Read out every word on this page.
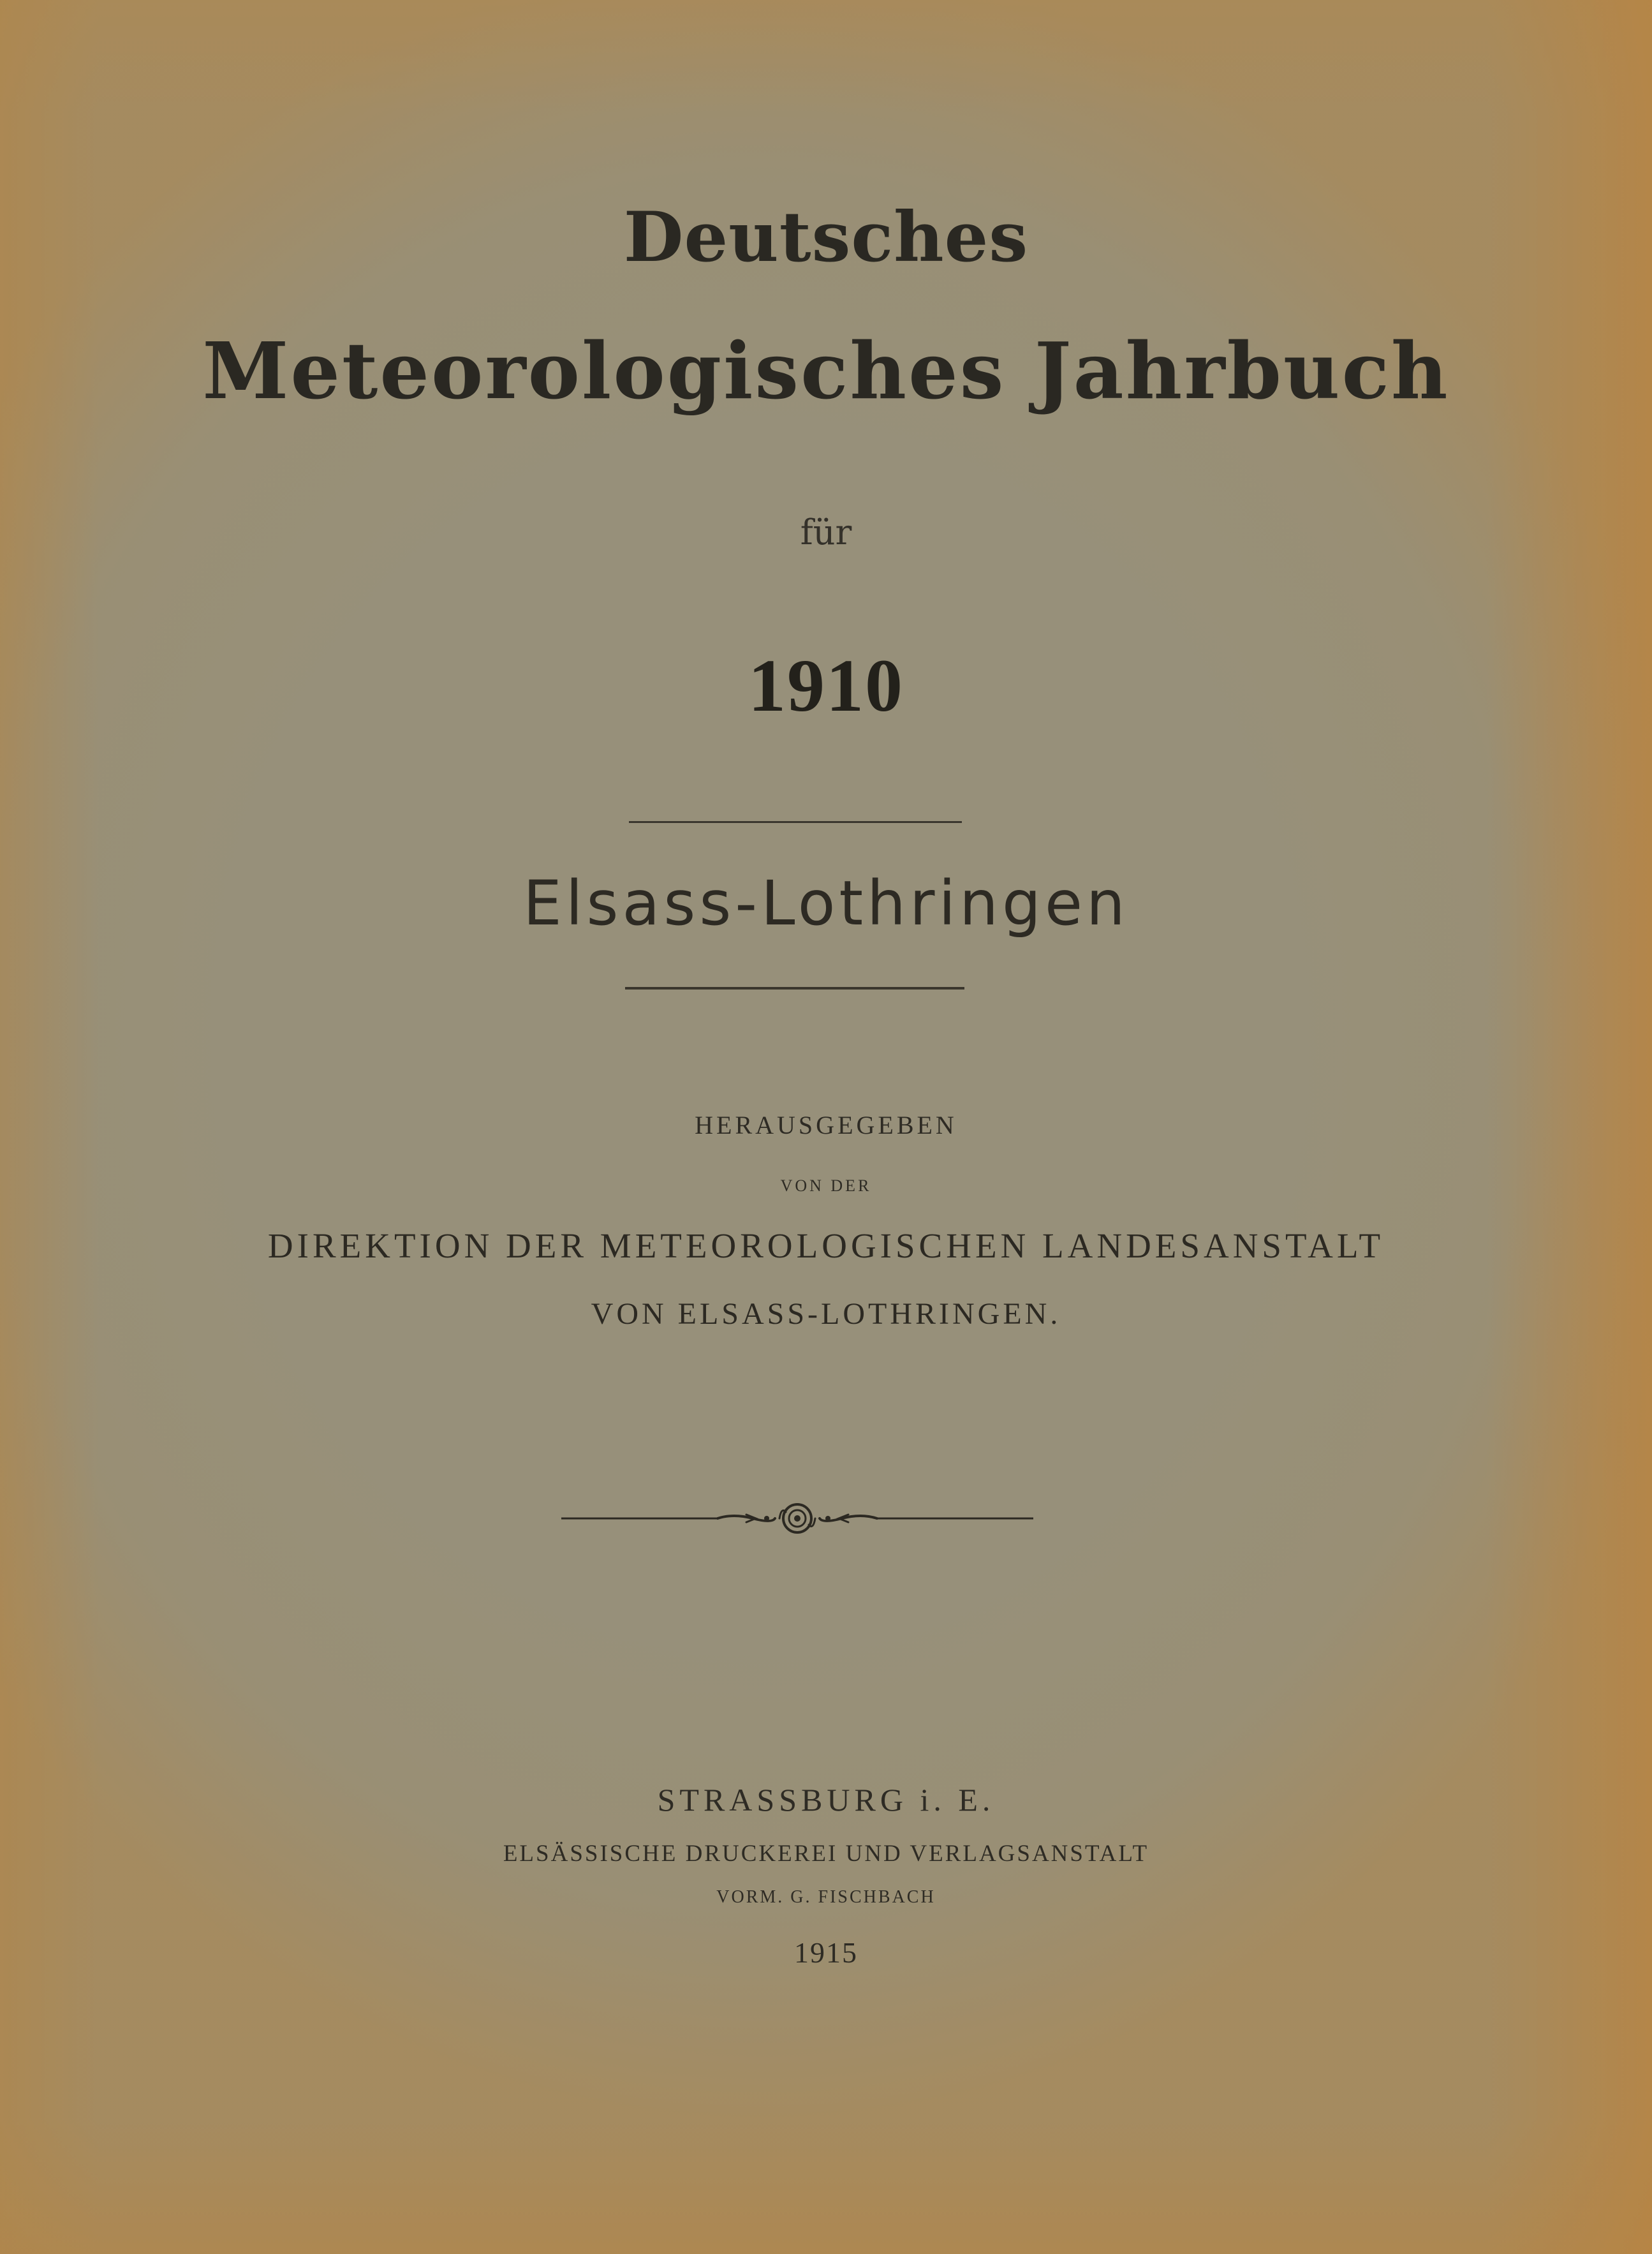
Deutsches
Meteorologisches Jahrbuch
für
1910
Elsass-Lothringen
HERAUSGEGEBEN
VON DER
DIREKTION DER METEOROLOGISCHEN LANDESANSTALT
VON ELSASS-LOTHRINGEN.
STRASSBURG i. E.
ELSÄSSISCHE DRUCKEREI UND VERLAGSANSTALT
VORM. G. FISCHBACH
1915
